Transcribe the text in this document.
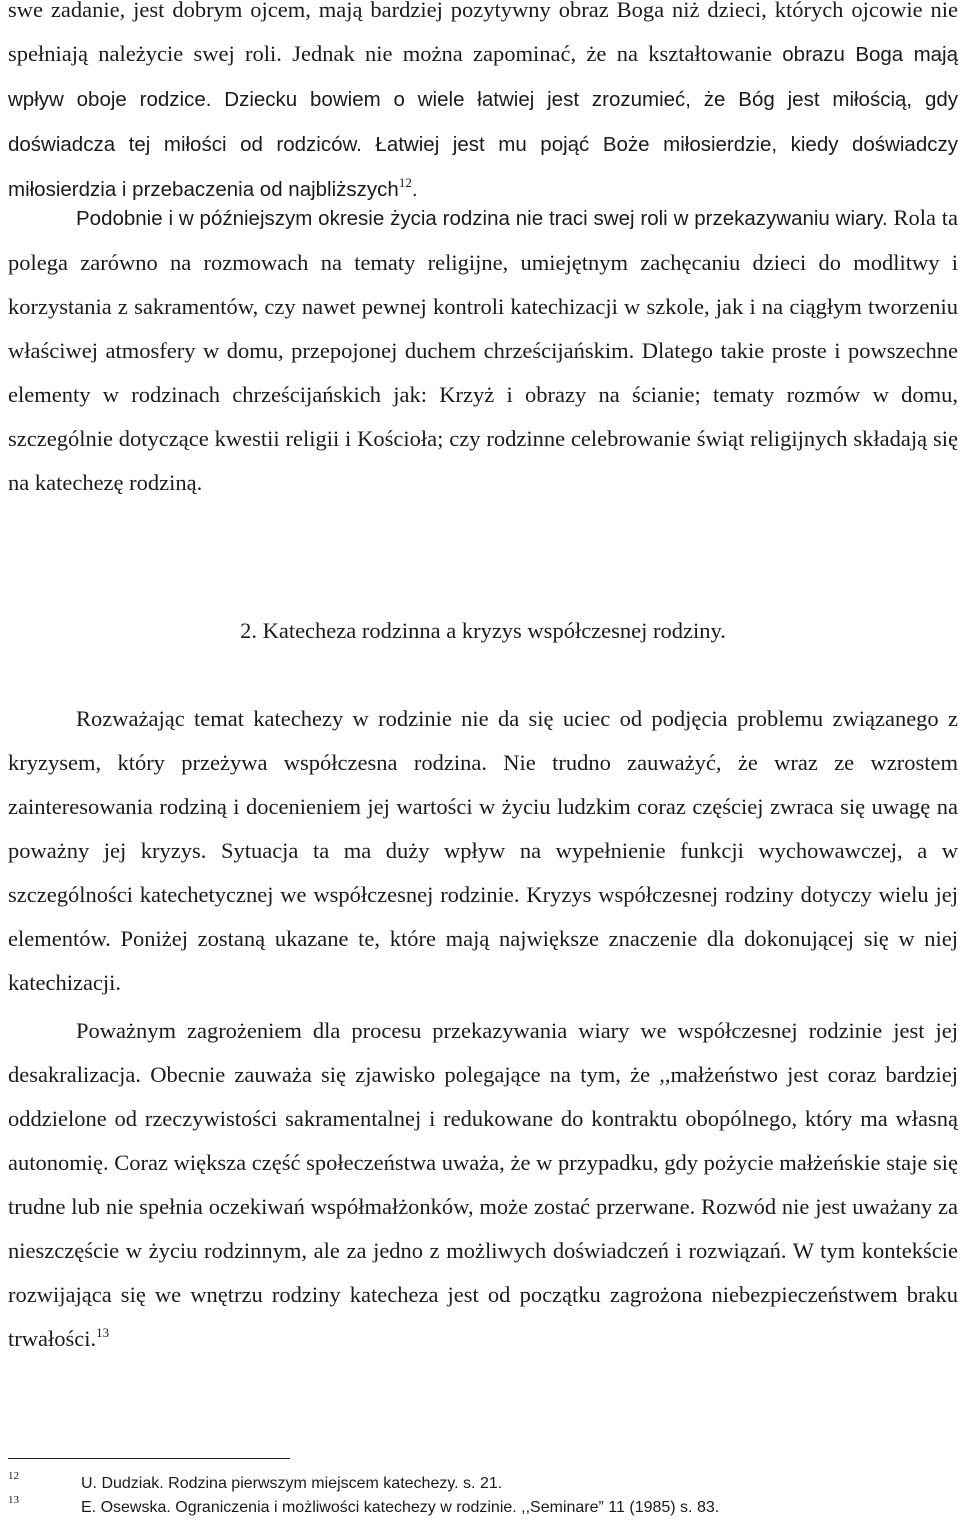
swe zadanie, jest dobrym ojcem, mają bardziej pozytywny obraz Boga niż dzieci, których ojcowie nie spełniają należycie swej roli. Jednak nie można zapominać, że na kształtowanie obrazu Boga mają wpływ oboje rodzice. Dziecku bowiem o wiele łatwiej jest zrozumieć, że Bóg jest miłością, gdy doświadcza tej miłości od rodziców. Łatwiej jest mu pojąć Boże miłosierdzie, kiedy doświadczy miłosierdzia i przebaczenia od najbliższych$^{12}$.

Podobnie i w późniejszym okresie życia rodzina nie traci swej roli w przekazywaniu wiary. Rola ta polega zarówno na rozmowach na tematy religijne, umiejętnym zachęcaniu dzieci do modlitwy i korzystania z sakramentów, czy nawet pewnej kontroli katechizacji w szkole, jak i na ciągłym tworzeniu właściwej atmosfery w domu, przepojonej duchem chrześcijańskim. Dlatego takie proste i powszechne elementy w rodzinach chrześcijańskich jak: Krzyż i obrazy na ścianie; tematy rozmów w domu, szczególnie dotyczące kwestii religii i Kościoła; czy rodzinne celebrowanie świąt religijnych składają się na katechezę rodziną.

2. Katecheza rodzinna a kryzys współczesnej rodziny.

Rozważając temat katechezy w rodzinie nie da się uciec od podjęcia problemu związanego z kryzysem, który przeżywa współczesna rodzina. Nie trudno zauważyć, że wraz ze wzrostem zainteresowania rodziną i docenieniem jej wartości w życiu ludzkim coraz częściej zwraca się uwagę na poważny jej kryzys. Sytuacja ta ma duży wpływ na wypełnienie funkcji wychowawczej, a w szczególności katechetycznej we współczesnej rodzinie. Kryzys współczesnej rodziny dotyczy wielu jej elementów. Poniżej zostaną ukazane te, które mają największe znaczenie dla dokonującej się w niej katechizacji.

Poważnym zagrożeniem dla procesu przekazywania wiary we współczesnej rodzinie jest jej desakralizacja. Obecnie zauważa się zjawisko polegające na tym, że ,,małżeństwo jest coraz bardziej oddzielone od rzeczywistości sakramentalnej i redukowane do kontraktu obopólnego, który ma własną autonomię. Coraz większa część społeczeństwa uważa, że w przypadku, gdy pożycie małżeńskie staje się trudne lub nie spełnia oczekiwań współmałżonków, może zostać przerwane. Rozwód nie jest uważany za nieszczęście w życiu rodzinnym, ale za jedno z możliwych doświadczeń i rozwiązań. W tym kontekście rozwijająca się we wnętrzu rodziny katecheza jest od początku zagrożona niebezpieczeństwem braku trwałości.$^{13}$

12	U. Dudziak. Rodzina pierwszym miejscem katechezy. s. 21.
13	E. Osewska. Ograniczenia i możliwości katechezy w rodzinie. ,,Seminare” 11 (1985) s. 83.
